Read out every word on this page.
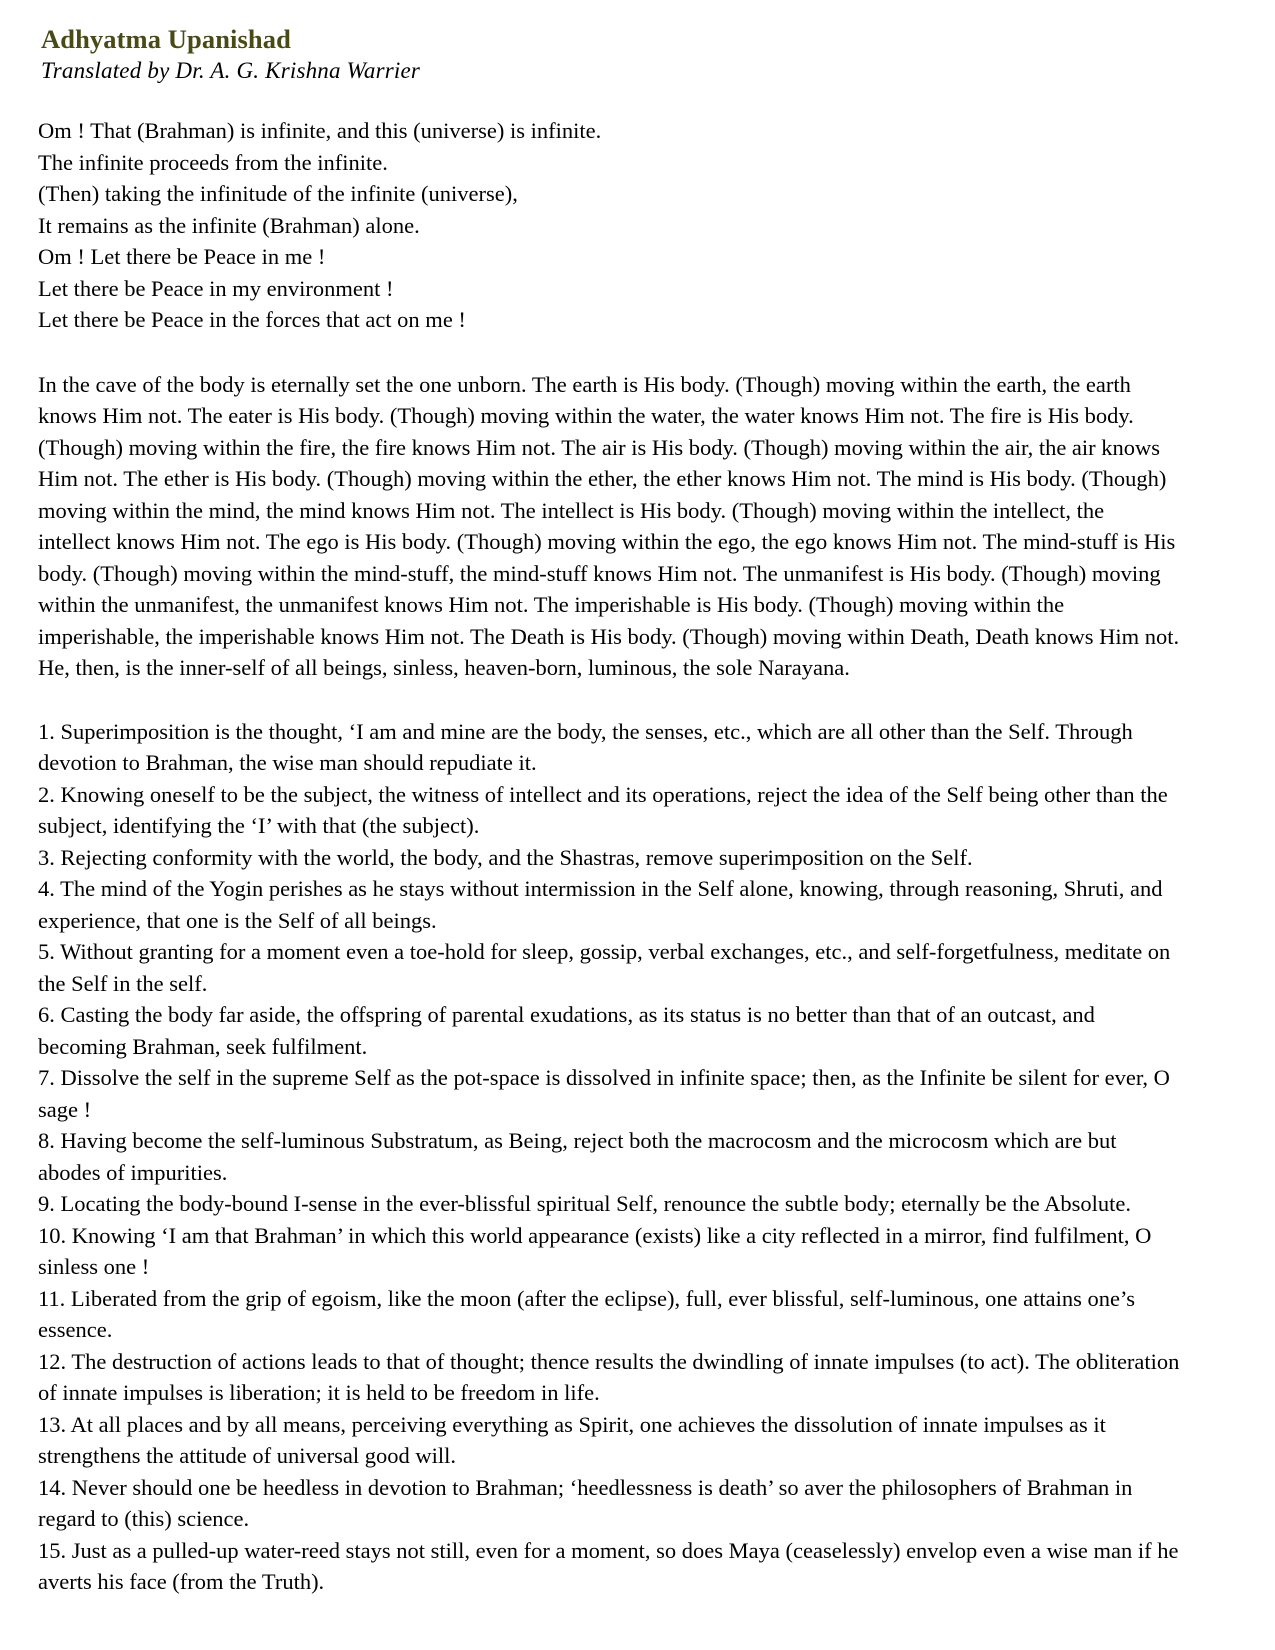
Adhyatma Upanishad
Translated by Dr. A. G. Krishna Warrier
Om ! That (Brahman) is infinite, and this (universe) is infinite.
The infinite proceeds from the infinite.
(Then) taking the infinitude of the infinite (universe),
It remains as the infinite (Brahman) alone.
Om ! Let there be Peace in me !
Let there be Peace in my environment !
Let there be Peace in the forces that act on me !

In the cave of the body is eternally set the one unborn. The earth is His body. (Though) moving within the earth, the earth knows Him not. The eater is His body. (Though) moving within the water, the water knows Him not. The fire is His body. (Though) moving within the fire, the fire knows Him not. The air is His body. (Though) moving within the air, the air knows Him not. The ether is His body. (Though) moving within the ether, the ether knows Him not. The mind is His body. (Though) moving within the mind, the mind knows Him not. The intellect is His body. (Though) moving within the intellect, the intellect knows Him not. The ego is His body. (Though) moving within the ego, the ego knows Him not. The mind-stuff is His body. (Though) moving within the mind-stuff, the mind-stuff knows Him not. The unmanifest is His body. (Though) moving within the unmanifest, the unmanifest knows Him not. The imperishable is His body. (Though) moving within the imperishable, the imperishable knows Him not. The Death is His body. (Though) moving within Death, Death knows Him not. He, then, is the inner-self of all beings, sinless, heaven-born, luminous, the sole Narayana.

1. Superimposition is the thought, ‘I am and mine are the body, the senses, etc., which are all other than the Self. Through devotion to Brahman, the wise man should repudiate it.
2. Knowing oneself to be the subject, the witness of intellect and its operations, reject the idea of the Self being other than the subject, identifying the ‘I’ with that (the subject).
3. Rejecting conformity with the world, the body, and the Shastras, remove superimposition on the Self.
4. The mind of the Yogin perishes as he stays without intermission in the Self alone, knowing, through reasoning, Shruti, and experience, that one is the Self of all beings.
5. Without granting for a moment even a toe-hold for sleep, gossip, verbal exchanges, etc., and self-forgetfulness, meditate on the Self in the self.
6. Casting the body far aside, the offspring of parental exudations, as its status is no better than that of an outcast, and becoming Brahman, seek fulfilment.
7. Dissolve the self in the supreme Self as the pot-space is dissolved in infinite space; then, as the Infinite be silent for ever, O sage !
8. Having become the self-luminous Substratum, as Being, reject both the macrocosm and the microcosm which are but abodes of impurities.
9. Locating the body-bound I-sense in the ever-blissful spiritual Self, renounce the subtle body; eternally be the Absolute.
10. Knowing ‘I am that Brahman’ in which this world appearance (exists) like a city reflected in a mirror, find fulfilment, O sinless one !
11. Liberated from the grip of egoism, like the moon (after the eclipse), full, ever blissful, self-luminous, one attains one’s essence.
12. The destruction of actions leads to that of thought; thence results the dwindling of innate impulses (to act). The obliteration of innate impulses is liberation; it is held to be freedom in life.
13. At all places and by all means, perceiving everything as Spirit, one achieves the dissolution of innate impulses as it strengthens the attitude of universal good will.
14. Never should one be heedless in devotion to Brahman; ‘heedlessness is death’ so aver the philosophers of Brahman in regard to (this) science.
15. Just as a pulled-up water-reed stays not still, even for a moment, so does Maya (ceaselessly) envelop even a wise man if he averts his face (from the Truth).
